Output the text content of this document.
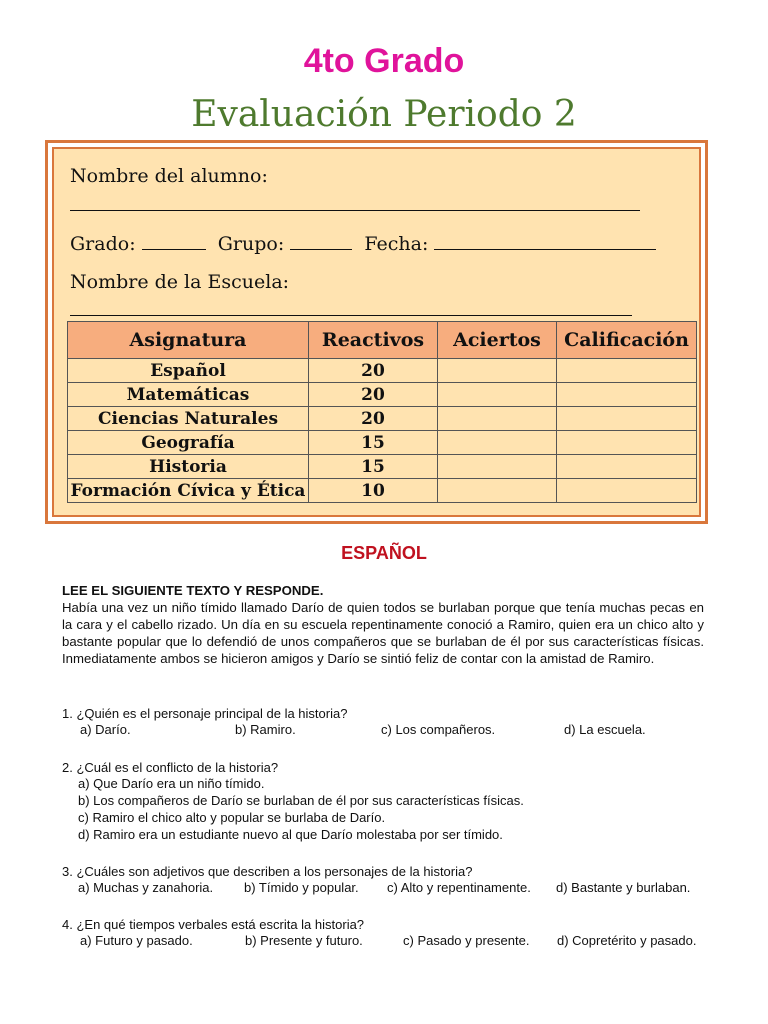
4to Grado
Evaluación Periodo 2
Nombre del alumno:
Grado:	Grupo:	Fecha:
Nombre de la Escuela:
Asignatura	Reactivos	Aciertos	Calificación
Español	20		
Matemáticas	20		
Ciencias Naturales	20		
Geografía	15		
Historia	15		
Formación Cívica y Ética	10		
ESPAÑOL
LEE EL SIGUIENTE TEXTO Y RESPONDE.
Había una vez un niño tímido llamado Darío de quien todos se burlaban porque que tenía muchas pecas en la cara y el cabello rizado. Un día en su escuela repentinamente conoció a Ramiro, quien era un chico alto y bastante popular que lo defendió de unos compañeros que se burlaban de él por sus características físicas. Inmediatamente ambos se hicieron amigos y Darío se sintió feliz de contar con la amistad de Ramiro.
1. ¿Quién es el personaje principal de la historia?
a) Darío.	b) Ramiro.	c) Los compañeros.	d) La escuela.
2. ¿Cuál es el conflicto de la historia?
a) Que Darío era un niño tímido.
b) Los compañeros de Darío se burlaban de él por sus características físicas.
c) Ramiro el chico alto y popular se burlaba de Darío.
d) Ramiro era un estudiante nuevo al que Darío molestaba por ser tímido.
3. ¿Cuáles son adjetivos que describen a los personajes de la historia?
a) Muchas y zanahoria. b) Tímido y popular. c) Alto y repentinamente. d) Bastante y burlaban.
4. ¿En qué tiempos verbales está escrita la historia?
a) Futuro y pasado.	b) Presente y futuro.	c) Pasado y presente. d) Copretérito y pasado.
